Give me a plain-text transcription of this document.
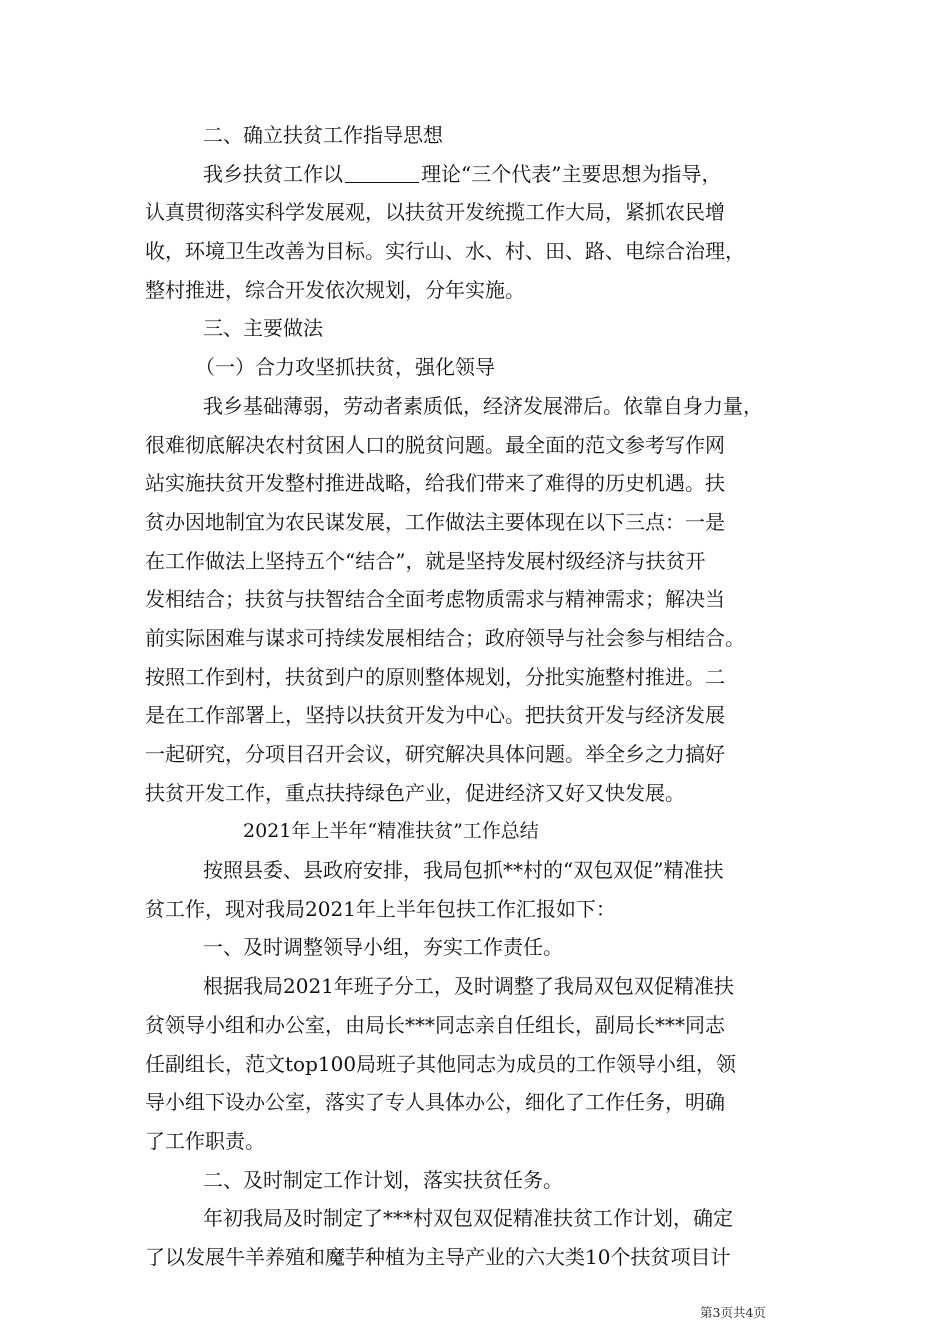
二、确立扶贫工作指导思想
我乡扶贫工作以	理论“三个代表”主要思想为指导，
认真贯彻落实科学发展观，以扶贫开发统揽工作大局，紧抓农民增
收，环境卫生改善为目标。实行山、水、村、田、路、电综合治理，
整村推进，综合开发依次规划，分年实施。
三、主要做法
（一）合力攻坚抓扶贫，强化领导
我乡基础薄弱，劳动者素质低，经济发展滞后。依靠自身力量，
很难彻底解决农村贫困人口的脱贫问题。最全面的范文参考写作网
站实施扶贫开发整村推进战略，给我们带来了难得的历史机遇。扶
贫办因地制宜为农民谋发展，工作做法主要体现在以下三点：一是
在工作做法上坚持五个“结合”，就是坚持发展村级经济与扶贫开
发相结合；扶贫与扶智结合全面考虑物质需求与精神需求；解决当
前实际困难与谋求可持续发展相结合；政府领导与社会参与相结合。
按照工作到村，扶贫到户的原则整体规划，分批实施整村推进。二
是在工作部署上，坚持以扶贫开发为中心。把扶贫开发与经济发展
一起研究，分项目召开会议，研究解决具体问题。举全乡之力搞好
扶贫开发工作，重点扶持绿色产业，促进经济又好又快发展。
2021年上半年“精准扶贫”工作总结
按照县委、县政府安排，我局包抓**村的“双包双促”精准扶
贫工作，现对我局2021年上半年包扶工作汇报如下：
一、及时调整领导小组，夯实工作责任。
根据我局2021年班子分工，及时调整了我局双包双促精准扶
贫领导小组和办公室，由局长***同志亲自任组长，副局长***同志
任副组长，范文top100局班子其他同志为成员的工作领导小组，领
导小组下设办公室，落实了专人具体办公，细化了工作任务，明确
了工作职责。
二、及时制定工作计划，落实扶贫任务。
年初我局及时制定了***村双包双促精准扶贫工作计划，确定
了以发展牛羊养殖和魔芋种植为主导产业的六大类10个扶贫项目计
第3页共4页
